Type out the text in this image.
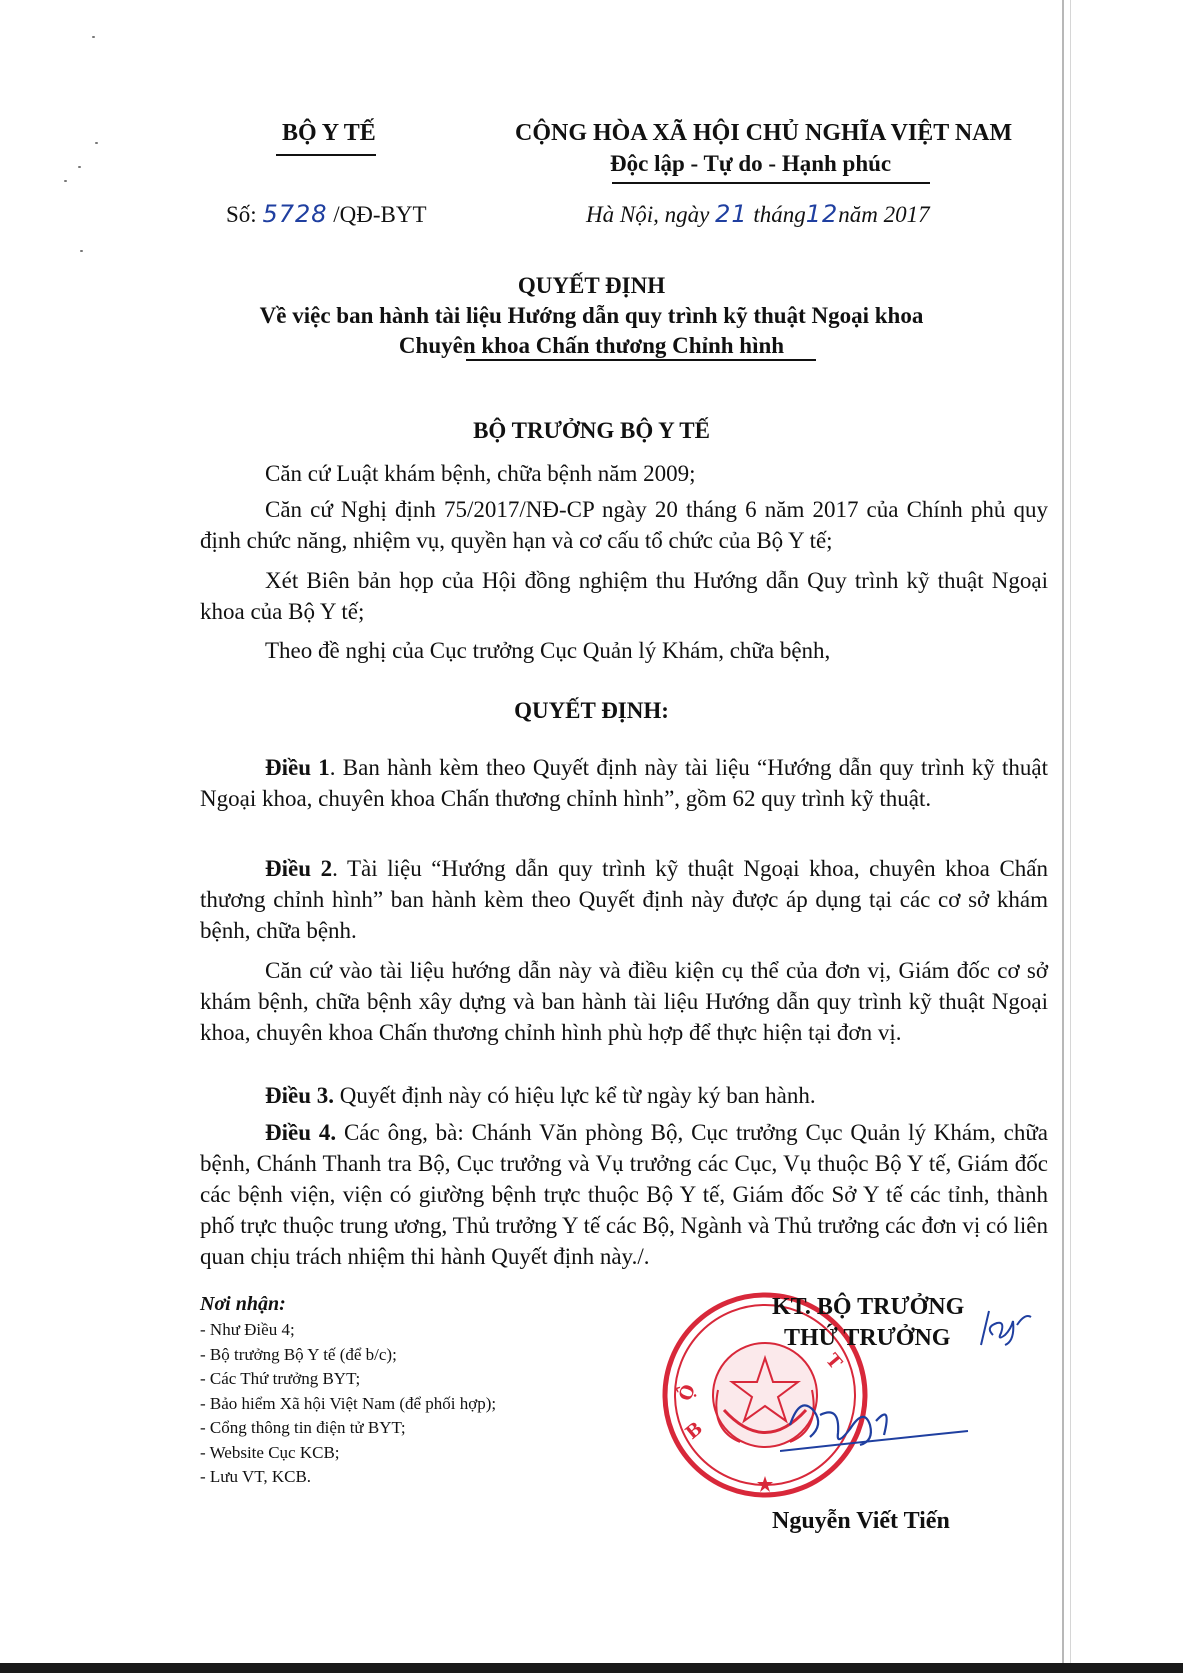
BỘ Y TẾ	CỘNG HÒA XÃ HỘI CHỦ NGHĨA VIỆT NAM
Độc lập - Tự do - Hạnh phúc
Số: 5728 /QĐ-BYT	Hà Nội, ngày 21 tháng12năm 2017
QUYẾT ĐỊNH
Về việc ban hành tài liệu Hướng dẫn quy trình kỹ thuật Ngoại khoa
Chuyên khoa Chấn thương Chỉnh hình
BỘ TRƯỞNG BỘ Y TẾ

Căn cứ Luật khám bệnh, chữa bệnh năm 2009;

Căn cứ Nghị định 75/2017/NĐ-CP ngày 20 tháng 6 năm 2017 của Chính phủ quy định chức năng, nhiệm vụ, quyền hạn và cơ cấu tổ chức của Bộ Y tế;

Xét Biên bản họp của Hội đồng nghiệm thu Hướng dẫn Quy trình kỹ thuật Ngoại khoa của Bộ Y tế;

Theo đề nghị của Cục trưởng Cục Quản lý Khám, chữa bệnh,

QUYẾT ĐỊNH:

Điều 1. Ban hành kèm theo Quyết định này tài liệu “Hướng dẫn quy trình kỹ thuật Ngoại khoa, chuyên khoa Chấn thương chỉnh hình”, gồm 62 quy trình kỹ thuật.

Điều 2. Tài liệu “Hướng dẫn quy trình kỹ thuật Ngoại khoa, chuyên khoa Chấn thương chỉnh hình” ban hành kèm theo Quyết định này được áp dụng tại các cơ sở khám bệnh, chữa bệnh.

Căn cứ vào tài liệu hướng dẫn này và điều kiện cụ thể của đơn vị, Giám đốc cơ sở khám bệnh, chữa bệnh xây dựng và ban hành tài liệu Hướng dẫn quy trình kỹ thuật Ngoại khoa, chuyên khoa Chấn thương chỉnh hình phù hợp để thực hiện tại đơn vị.

Điều 3. Quyết định này có hiệu lực kể từ ngày ký ban hành.

Điều 4. Các ông, bà: Chánh Văn phòng Bộ, Cục trưởng Cục Quản lý Khám, chữa bệnh, Chánh Thanh tra Bộ, Cục trưởng và Vụ trưởng các Cục, Vụ thuộc Bộ Y tế, Giám đốc các bệnh viện, viện có giường bệnh trực thuộc Bộ Y tế, Giám đốc Sở Y tế các tỉnh, thành phố trực thuộc trung ương, Thủ trưởng Y tế các Bộ, Ngành và Thủ trưởng các đơn vị có liên quan chịu trách nhiệm thi hành Quyết định này./.

Nơi nhận:
- Như Điều 4;
- Bộ trưởng Bộ Y tế (để b/c);
- Các Thứ trưởng BYT;
- Bảo hiểm Xã hội Việt Nam (để phối hợp);
- Cổng thông tin điện tử BYT;
- Website Cục KCB;
- Lưu VT, KCB.
Ộ
B
T
KT. BỘ TRƯỞNG
THỨ TRƯỞNG
Nguyễn Viết Tiến
